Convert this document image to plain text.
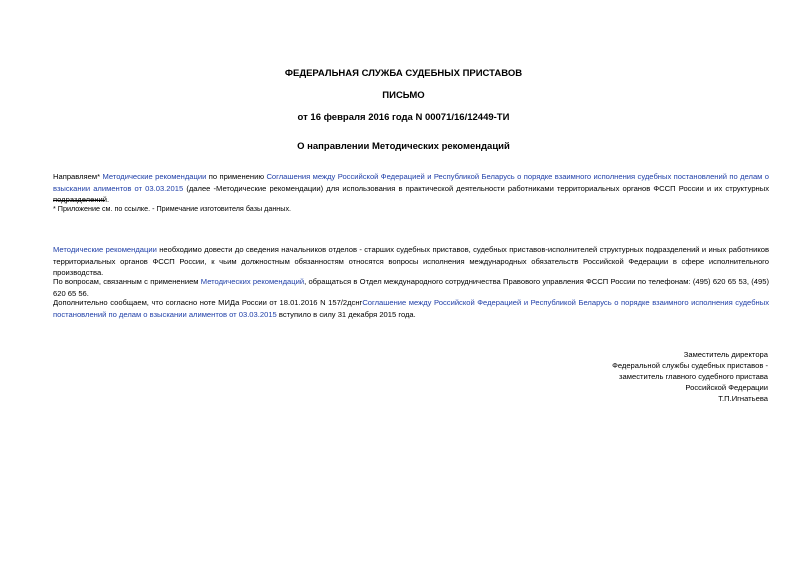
ФЕДЕРАЛЬНАЯ СЛУЖБА СУДЕБНЫХ ПРИСТАВОВ
ПИСЬМО
от 16 февраля 2016 года N 00071/16/12449-ТИ
О направлении Методических рекомендаций
Направляем* Методические рекомендации по применению Соглашения между Российской Федерацией и Республикой Беларусь о порядке взаимного исполнения судебных постановлений по делам о взыскании алиментов от 03.03.2015 (далее -Методические рекомендации) для использования в практической деятельности работниками территориальных органов ФССП России и их структурных подразделений.
* Приложение см. по ссылке. - Примечание изготовителя базы данных.
Методические рекомендации необходимо довести до сведения начальников отделов - старших судебных приставов, судебных приставов-исполнителей структурных подразделений и иных работников территориальных органов ФССП России, к чьим должностным обязанностям относятся вопросы исполнения международных обязательств Российской Федерации в сфере исполнительного производства.
По вопросам, связанным с применением Методических рекомендаций, обращаться в Отдел международного сотрудничества Правового управления ФССП России по телефонам: (495) 620 65 53, (495) 620 65 56.
Дополнительно сообщаем, что согласно ноте МИДа России от 18.01.2016 N 157/2дснгСоглашение между Российской Федерацией и Республикой Беларусь о порядке взаимного исполнения судебных постановлений по делам о взыскании алиментов от 03.03.2015 вступило в силу 31 декабря 2015 года.
Заместитель директора
Федеральной службы судебных приставов -
заместитель главного судебного пристава
Российской Федерации
Т.П.Игнатьева
